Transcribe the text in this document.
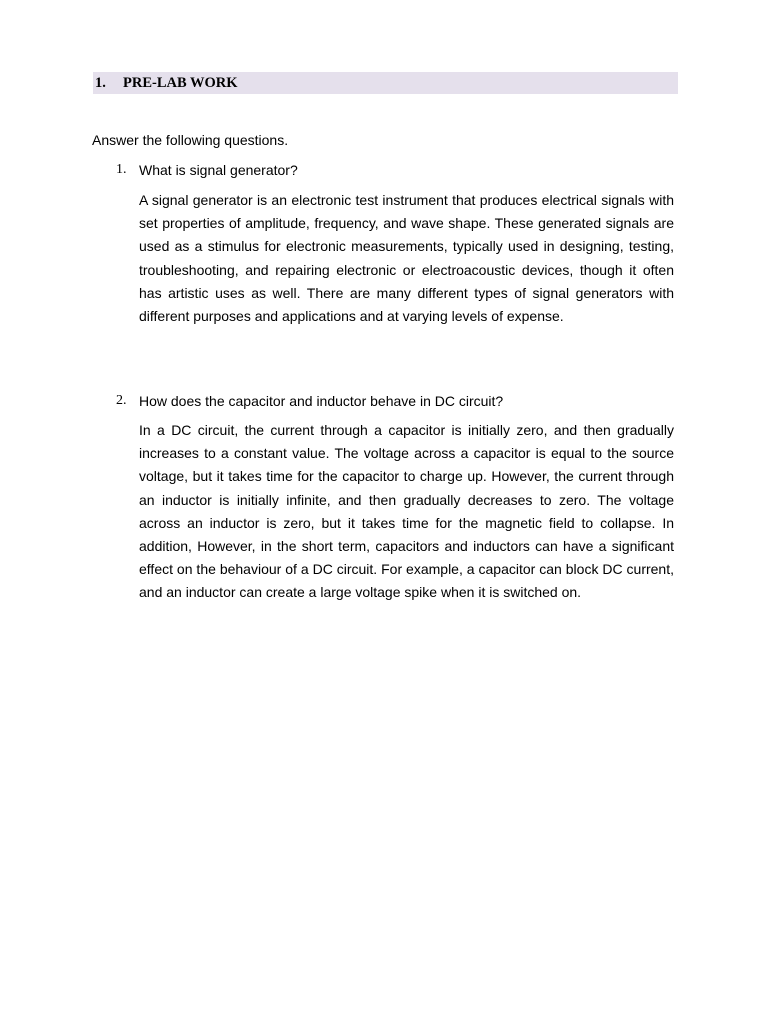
1.	PRE-LAB WORK
Answer the following questions.
1. What is signal generator?

A signal generator is an electronic test instrument that produces electrical signals with set properties of amplitude, frequency, and wave shape. These generated signals are used as a stimulus for electronic measurements, typically used in designing, testing, troubleshooting, and repairing electronic or electroacoustic devices, though it often has artistic uses as well. There are many different types of signal generators with different purposes and applications and at varying levels of expense.

2. How does the capacitor and inductor behave in DC circuit?

In a DC circuit, the current through a capacitor is initially zero, and then gradually increases to a constant value. The voltage across a capacitor is equal to the source voltage, but it takes time for the capacitor to charge up. However, the current through an inductor is initially infinite, and then gradually decreases to zero. The voltage across an inductor is zero, but it takes time for the magnetic field to collapse. In addition, However, in the short term, capacitors and inductors can have a significant effect on the behaviour of a DC circuit. For example, a capacitor can block DC current, and an inductor can create a large voltage spike when it is switched on.
